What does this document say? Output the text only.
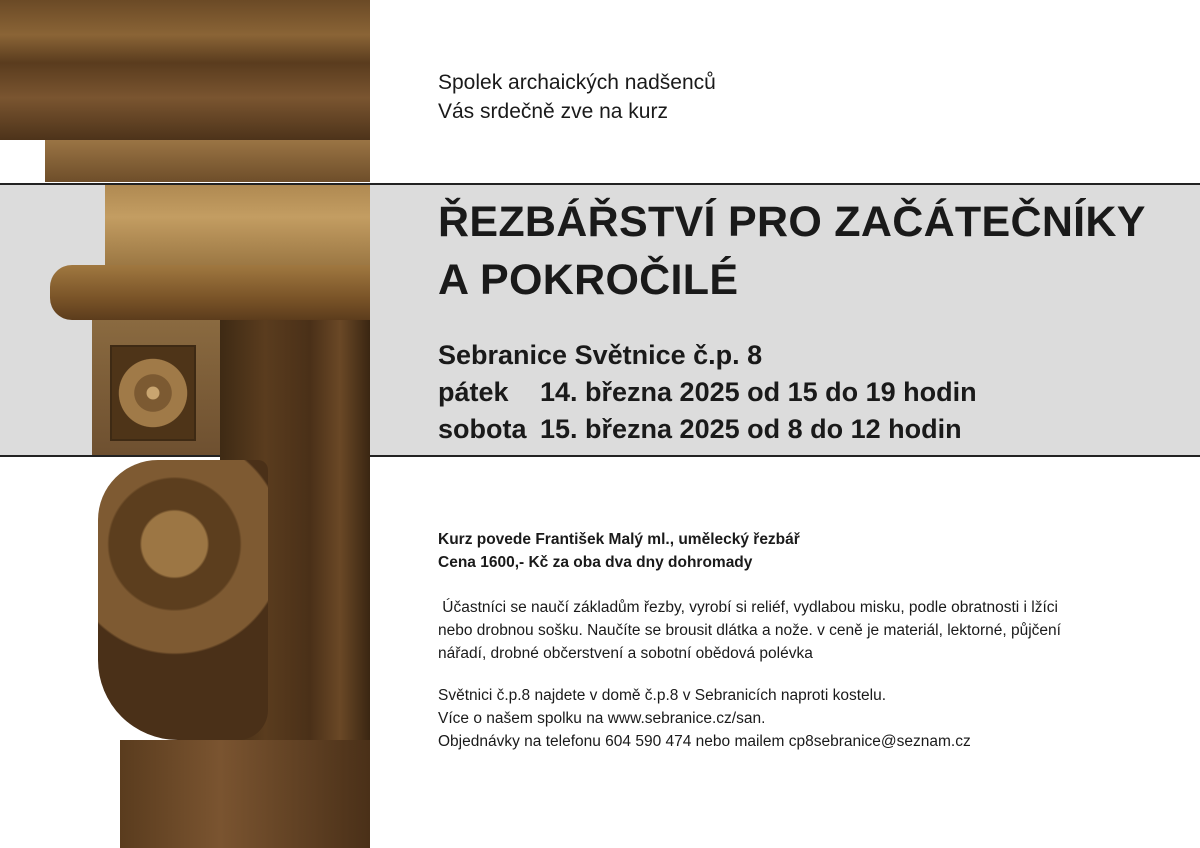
Spolek archaických nadšenců
Vás srdečně zve na kurz
ŘEZBÁŘSTVÍ PRO ZAČÁTEČNÍKY
A POKROČILÉ
Sebranice Světnice č.p. 8
pátek 14. března 2025 od 15 do 19 hodin
sobota 15. března 2025 od 8 do 12 hodin
Kurz povede František Malý ml., umělecký řezbář
Cena 1600,- Kč za oba dva dny dohromady
Účastníci se naučí základům řezby, vyrobí si reliéf, vydlabou misku, podle obratnosti i lžíci
nebo drobnou sošku. Naučíte se brousit dlátka a nože. v ceně je materiál, lektorné, půjčení
nářadí, drobné občerstvení a sobotní obědová polévka
Světnici č.p.8 najdete v domě č.p.8 v Sebranicích naproti kostelu.
Více o našem spolku na www.sebranice.cz/san.
Objednávky na telefonu 604 590 474 nebo mailem cp8sebranice@seznam.cz
